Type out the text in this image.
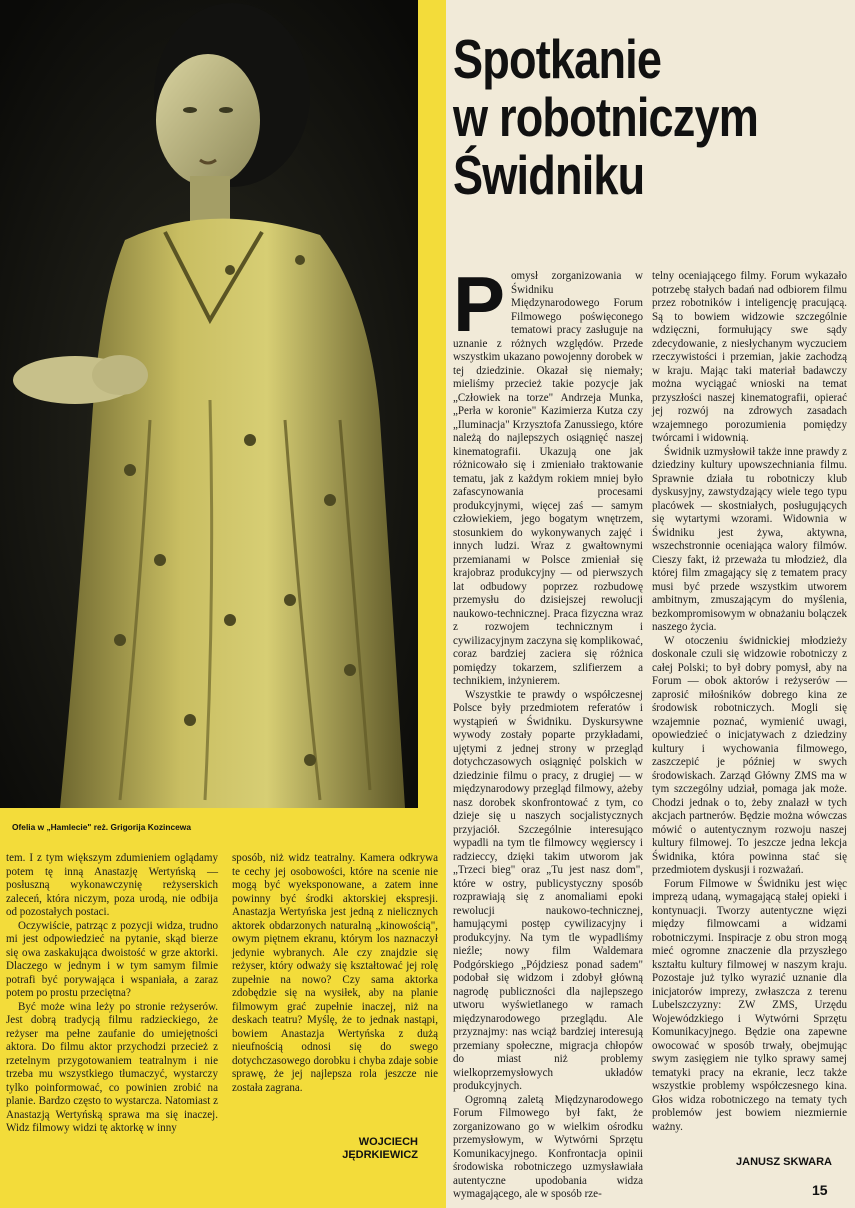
Ofelia w „Hamlecie" reż. Grigorija Kozincewa
Spotkanie
w robotniczym
Świdniku

Pomysł zorganizowania w Świdniku Międzynarodowego Forum Filmowego poświęconego tematowi pracy zasługuje na uznanie z różnych względów. Przede wszystkim ukazano powojenny dorobek w tej dziedzinie. Okazał się niemały; mieliśmy przecież takie pozycje jak „Człowiek na torze" Andrzeja Munka, „Perła w koronie" Kazimierza Kutza czy „Iluminacja" Krzysztofa Zanussiego, które należą do najlepszych osiągnięć naszej kinematografii. Ukazują one jak różnicowało się i zmieniało traktowanie tematu, jak z każdym rokiem mniej było zafascynowania procesami produkcyjnymi, więcej zaś — samym człowiekiem, jego bogatym wnętrzem, stosunkiem do wykonywanych zajęć i innych ludzi. Wraz z gwałtownymi przemianami w Polsce zmieniał się krajobraz produkcyjny — od pierwszych lat odbudowy poprzez rozbudowę przemysłu do dzisiejszej rewolucji naukowo-technicznej. Praca fizyczna wraz z rozwojem technicznym i cywilizacyjnym zaczyna się komplikować, coraz bardziej zaciera się różnica pomiędzy tokarzem, szlifierzem a technikiem, inżynierem.

Wszystkie te prawdy o współczesnej Polsce były przedmiotem referatów i wystąpień w Świdniku. Dyskursywne wywody zostały poparte przykładami, ujętymi z jednej strony w przegląd dotychczasowych osiągnięć polskich w dziedzinie filmu o pracy, z drugiej — w międzynarodowy przegląd filmowy, ażeby nasz dorobek skonfrontować z tym, co dzieje się u naszych socjalistycznych przyjaciół. Szczególnie interesująco wypadli na tym tle filmowcy węgierscy i radzieccy, dzięki takim utworom jak „Trzeci bieg" oraz „Tu jest nasz dom", które w ostry, publicystyczny sposób rozprawiają się z anomaliami epoki rewolucji naukowo-technicznej, hamującymi postęp cywilizacyjny i produkcyjny. Na tym tle wypadliśmy nieźle; nowy film Waldemara Podgórskiego „Pójdziesz ponad sadem" podobał się widzom i zdobył główną nagrodę publiczności dla najlepszego utworu wyświetlanego w ramach międzynarodowego przeglądu. Ale przyznajmy: nas wciąż bardziej interesują przemiany społeczne, migracja chłopów do miast niż problemy wielkoprzemysłowych układów produkcyjnych.

Ogromną zaletą Międzynarodowego Forum Filmowego był fakt, że zorganizowano go w wielkim ośrodku przemysłowym, w Wytwórni Sprzętu Komunikacyjnego. Konfrontacja opinii środowiska robotniczego uzmysławiała autentyczne upodobania widza wymagającego, ale w sposób rze-

telny oceniającego filmy. Forum wykazało potrzebę stałych badań nad odbiorem filmu przez robotników i inteligencję pracującą. Są to bowiem widzowie szczególnie wdzięczni, formułujący swe sądy zdecydowanie, z niesłychanym wyczuciem rzeczywistości i przemian, jakie zachodzą w kraju. Mając taki materiał badawczy można wyciągać wnioski na temat przyszłości naszej kinematografii, opierać jej rozwój na zdrowych zasadach wzajemnego porozumienia pomiędzy twórcami i widownią.

Świdnik uzmysłowił także inne prawdy z dziedziny kultury upowszechniania filmu. Sprawnie działa tu robotniczy klub dyskusyjny, zawstydzający wiele tego typu placówek — skostniałych, posługujących się wytartymi wzorami. Widownia w Świdniku jest żywa, aktywna, wszechstronnie oceniająca walory filmów. Cieszy fakt, iż przeważa tu młodzież, dla której film zmagający się z tematem pracy musi być przede wszystkim utworem ambitnym, zmuszającym do myślenia, bezkompromisowym w obnażaniu bolączek naszego życia.

W otoczeniu świdnickiej młodzieży doskonale czuli się widzowie robotniczy z całej Polski; to był dobry pomysł, aby na Forum — obok aktorów i reżyserów — zaprosić miłośników dobrego kina ze środowisk robotniczych. Mogli się wzajemnie poznać, wymienić uwagi, opowiedzieć o inicjatywach z dziedziny kultury i wychowania filmowego, zaszczepić je później w swych środowiskach. Zarząd Główny ZMS ma w tym szczególny udział, pomaga jak może. Chodzi jednak o to, żeby znalazł w tych akcjach partnerów. Będzie można wówczas mówić o autentycznym rozwoju naszej kultury filmowej. To jeszcze jedna lekcja Świdnika, która powinna stać się przedmiotem dyskusji i rozważań.

Forum Filmowe w Świdniku jest więc imprezą udaną, wymagającą stałej opieki i kontynuacji. Tworzy autentyczne więzi między filmowcami a widzami robotniczymi. Inspiracje z obu stron mogą mieć ogromne znaczenie dla przyszłego kształtu kultury filmowej w naszym kraju. Pozostaje już tylko wyrazić uznanie dla inicjatorów imprezy, zwłaszcza z terenu Lubelszczyzny: ZW ZMS, Urzędu Wojewódzkiego i Wytwórni Sprzętu Komunikacyjnego. Będzie ona zapewne owocować w sposób trwały, obejmując swym zasięgiem nie tylko sprawy samej tematyki pracy na ekranie, lecz także wszystkie problemy współczesnego kina. Głos widza robotniczego na tematy tych problemów jest bowiem niezmiernie ważny.

JANUSZ SKWARA

tem. I z tym większym zdumieniem oglądamy potem tę inną Anastazję Wertyńską — posłuszną wykonawczynię reżyserskich zaleceń, która niczym, poza urodą, nie odbija od pozostałych postaci.

Oczywiście, patrząc z pozycji widza, trudno mi jest odpowiedzieć na pytanie, skąd bierze się owa zaskakująca dwoistość w grze aktorki. Dlaczego w jednym i w tym samym filmie potrafi być porywająca i wspaniała, a zaraz potem po prostu przeciętna?

Być może wina leży po stronie reżyserów. Jest dobrą tradycją filmu radzieckiego, że reżyser ma pełne zaufanie do umiejętności aktora. Do filmu aktor przychodzi przecież z rzetelnym przygotowaniem teatralnym i nie trzeba mu wszystkiego tłumaczyć, wystarczy tylko poinformować, co powinien zrobić na planie. Bardzo często to wystarcza. Natomiast z Anastazją Wertyńską sprawa ma się inaczej. Widz filmowy widzi tę aktorkę w inny

sposób, niż widz teatralny. Kamera odkrywa te cechy jej osobowości, które na scenie nie mogą być wyeksponowane, a zatem inne powinny być środki aktorskiej ekspresji. Anastazja Wertyńska jest jedną z nielicznych aktorek obdarzonych naturalną „kinowością", owym piętnem ekranu, którym los naznaczył jedynie wybranych. Ale czy znajdzie się reżyser, który odważy się kształtować jej rolę zupełnie na nowo? Czy sama aktorka zdobędzie się na wysiłek, aby na planie filmowym grać zupełnie inaczej, niż na deskach teatru? Myślę, że to jednak nastąpi, bowiem Anastazja Wertyńska z dużą nieufnością odnosi się do swego dotychczasowego dorobku i chyba zdaje sobie sprawę, że jej najlepsza rola jeszcze nie została zagrana.

WOJCIECH
JĘDRKIEWICZ
15
